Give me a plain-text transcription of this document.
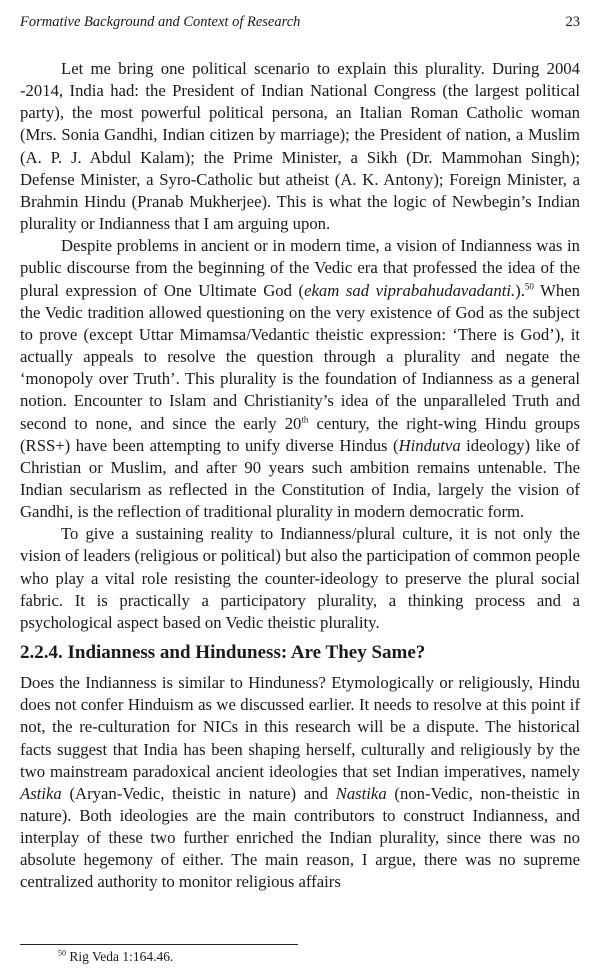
Formative Background and Context of Research	23

Let me bring one political scenario to explain this plurality. During 2004 -2014, India had: the President of Indian National Congress (the largest political party), the most powerful political persona, an Italian Roman Catholic woman (Mrs. Sonia Gandhi, Indian citizen by marriage); the President of nation, a Muslim (A. P. J. Abdul Kalam); the Prime Minister, a Sikh (Dr. Mammohan Singh); Defense Minister, a Syro-Catholic but atheist (A. K. Antony); Foreign Minister, a Brahmin Hindu (Pranab Mukherjee). This is what the logic of Newbegin’s Indian plurality or Indianness that I am arguing upon.

Despite problems in ancient or in modern time, a vision of Indianness was in public discourse from the beginning of the Vedic era that professed the idea of the plural expression of One Ultimate God (ekam sad viprabahudavadanti.).$^{50}$ When the Vedic tradition allowed questioning on the very existence of God as the subject to prove (except Uttar Mimamsa/Vedantic theistic expression: ‘There is God’), it actually appeals to resolve the question through a plurality and negate the ‘monopoly over Truth’. This plurality is the foundation of Indianness as a general notion. Encounter to Islam and Christianity’s idea of the unparalleled Truth and second to none, and since the early 20th century, the right-wing Hindu groups (RSS+) have been attempting to unify diverse Hindus (Hindutva ideology) like of Christian or Muslim, and after 90 years such ambition remains untenable. The Indian secularism as reflected in the Constitution of India, largely the vision of Gandhi, is the reflection of traditional plurality in modern democratic form.

To give a sustaining reality to Indianness/plural culture, it is not only the vision of leaders (religious or political) but also the participation of common people who play a vital role resisting the counter-ideology to preserve the plural social fabric. It is practically a participatory plurality, a thinking process and a psychological aspect based on Vedic theistic plurality.

2.2.4. Indianness and Hinduness: Are They Same?

Does the Indianness is similar to Hinduness? Etymologically or religiously, Hindu does not confer Hinduism as we discussed earlier. It needs to resolve at this point if not, the re-culturation for NICs in this research will be a dispute. The historical facts suggest that India has been shaping herself, culturally and religiously by the two mainstream paradoxical ancient ideologies that set Indian imperatives, namely Astika (Aryan-Vedic, theistic in nature) and Nastika (non-Vedic, non-theistic in nature). Both ideologies are the main contributors to construct Indianness, and interplay of these two further enriched the Indian plurality, since there was no absolute hegemony of either. The main reason, I argue, there was no supreme centralized authority to monitor religious affairs

$^{50}$ Rig Veda 1:164.46.
